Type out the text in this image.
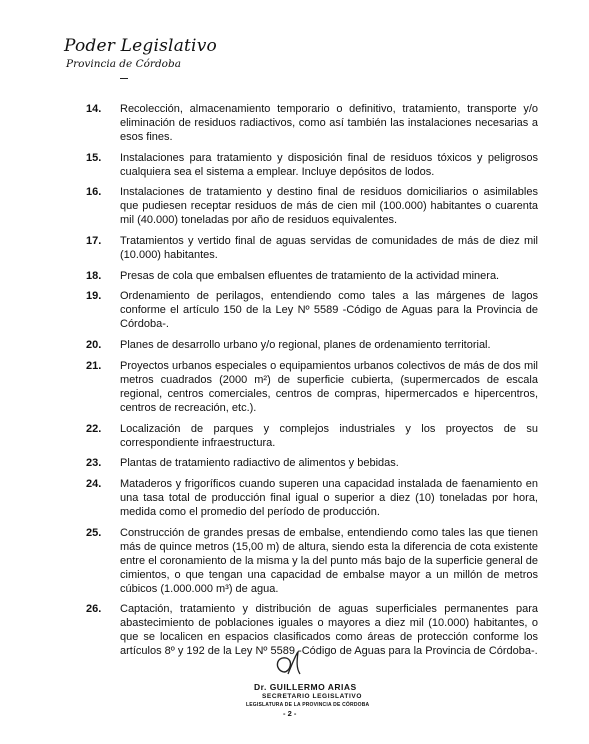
Poder Legislativo
Provincia de Córdoba
14.	Recolección, almacenamiento temporario o definitivo, tratamiento, transporte y/o eliminación de residuos radiactivos, como así también las instalaciones necesarias a esos fines.
15.	Instalaciones para tratamiento y disposición final de residuos tóxicos y peligrosos cualquiera sea el sistema a emplear. Incluye depósitos de lodos.
16.	Instalaciones de tratamiento y destino final de residuos domiciliarios o asimilables que pudiesen receptar residuos de más de cien mil (100.000) habitantes o cuarenta mil (40.000) toneladas por año de residuos equivalentes.
17.	Tratamientos y vertido final de aguas servidas de comunidades de más de diez mil (10.000) habitantes.
18.	Presas de cola que embalsen efluentes de tratamiento de la actividad minera.
19.	Ordenamiento de perilagos, entendiendo como tales a las márgenes de lagos conforme el artículo 150 de la Ley Nº 5589 -Código de Aguas para la Provincia de Córdoba-.
20.	Planes de desarrollo urbano y/o regional, planes de ordenamiento territorial.
21.	Proyectos urbanos especiales o equipamientos urbanos colectivos de más de dos mil metros cuadrados (2000 m²) de superficie cubierta, (supermercados de escala regional, centros comerciales, centros de compras, hipermercados e hipercentros, centros de recreación, etc.).
22.	Localización de parques y complejos industriales y los proyectos de su correspondiente infraestructura.
23.	Plantas de tratamiento radiactivo de alimentos y bebidas.
24.	Mataderos y frigoríficos cuando superen una capacidad instalada de faenamiento en una tasa total de producción final igual o superior a diez (10) toneladas por hora, medida como el promedio del período de producción.
25.	Construcción de grandes presas de embalse, entendiendo como tales las que tienen más de quince metros (15,00 m) de altura, siendo esta la diferencia de cota existente entre el coronamiento de la misma y la del punto más bajo de la superficie general de cimientos, o que tengan una capacidad de embalse mayor a un millón de metros cúbicos (1.000.000 m³) de agua.
26.	Captación, tratamiento y distribución de aguas superficiales permanentes para abastecimiento de poblaciones iguales o mayores a diez mil (10.000) habitantes, o que se localicen en espacios clasificados como áreas de protección conforme los artículos 8º y 192 de la Ley Nº 5589 -Código de Aguas para la Provincia de Córdoba-.
Dr. GUILLERMO ARIAS
SECRETARIO LEGISLATIVO
LEGISLATURA DE LA PROVINCIA DE CÓRDOBA
- 2 -
